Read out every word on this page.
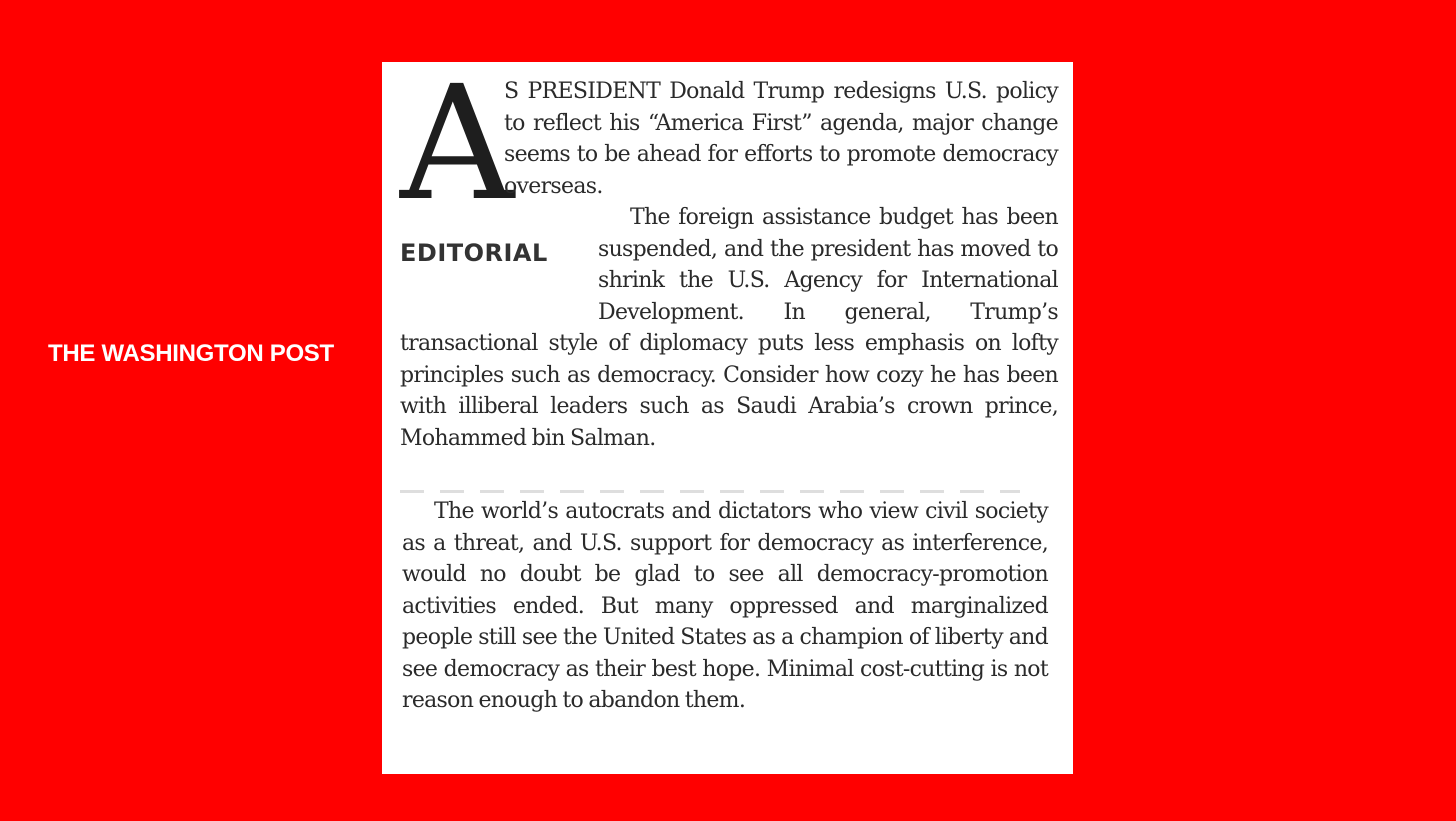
THE WASHINGTON POST
A

S PRESIDENT Donald Trump redesigns U.S. policy to reflect his “America First” agenda, major change seems to be ahead for efforts to promote democracy overseas.

EDITORIAL

The foreign assistance budget has been suspended, and the president has moved to shrink the U.S. Agency for International Development. In general, Trump’s transactional style of diplomacy puts less emphasis on lofty principles such as democracy. Consider how cozy he has been with illiberal leaders such as Saudi Arabia’s crown prince, Mohammed bin Salman.

The world’s autocrats and dictators who view civil society as a threat, and U.S. support for democracy as interference, would no doubt be glad to see all democracy-promotion activities ended. But many oppressed and marginalized people still see the United States as a champion of liberty and see democracy as their best hope. Minimal cost-cutting is not reason enough to abandon them.
